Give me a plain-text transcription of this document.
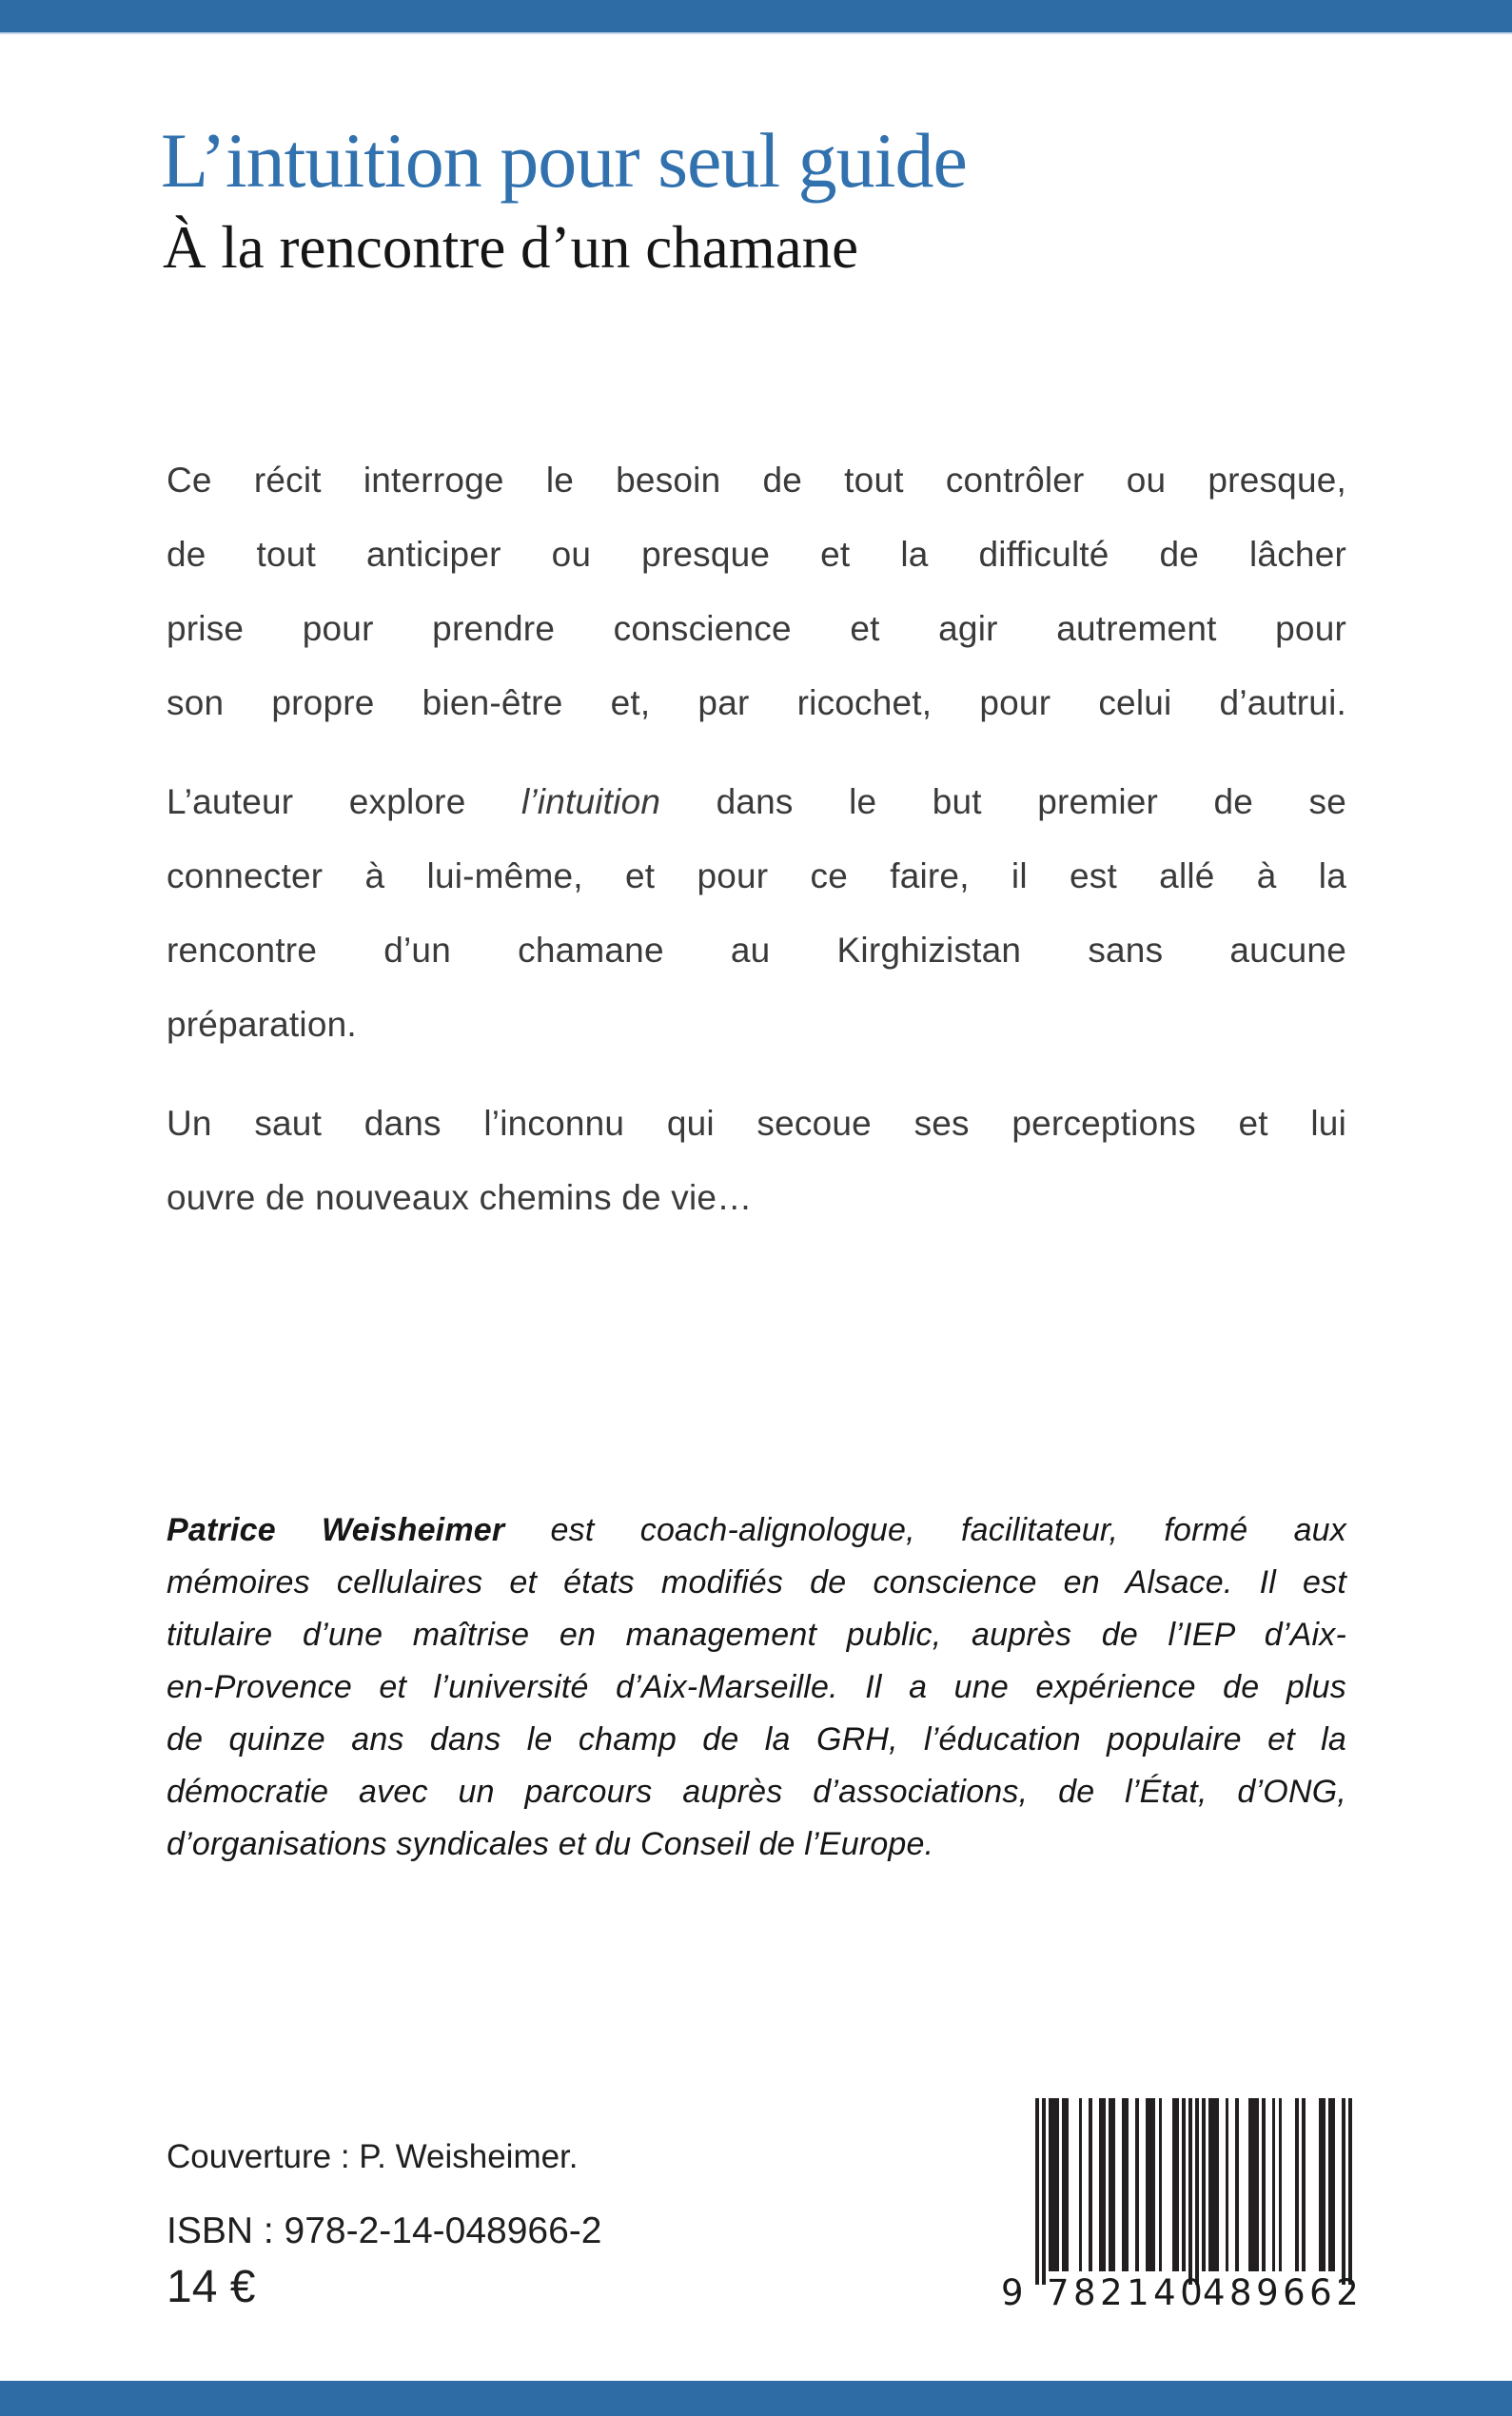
L’intuition pour seul guide
À la rencontre d’un chamane
Ce récit interroge le besoin de tout contrôler ou presque,
de tout anticiper ou presque et la difficulté de lâcher
prise pour prendre conscience et agir autrement pour
son propre bien-être et, par ricochet, pour celui d’autrui.
L’auteur explore l’intuition dans le but premier de se
connecter à lui-même, et pour ce faire, il est allé à la
rencontre d’un chamane au Kirghizistan sans aucune
préparation.
Un saut dans l’inconnu qui secoue ses perceptions et lui
ouvre de nouveaux chemins de vie…
Patrice Weisheimer est coach-alignologue, facilitateur, formé aux
mémoires cellulaires et états modifiés de conscience en Alsace. Il est
titulaire d’une maîtrise en management public, auprès de l’IEP d’Aix-
en-Provence et l’université d’Aix-Marseille. Il a une expérience de plus
de quinze ans dans le champ de la GRH, l’éducation populaire et la
démocratie avec un parcours auprès d’associations, de l’État, d’ONG,
d’organisations syndicales et du Conseil de l’Europe.
Couverture : P. Weisheimer.
ISBN : 978-2-14-048966-2
14 €	9 782140
489662
